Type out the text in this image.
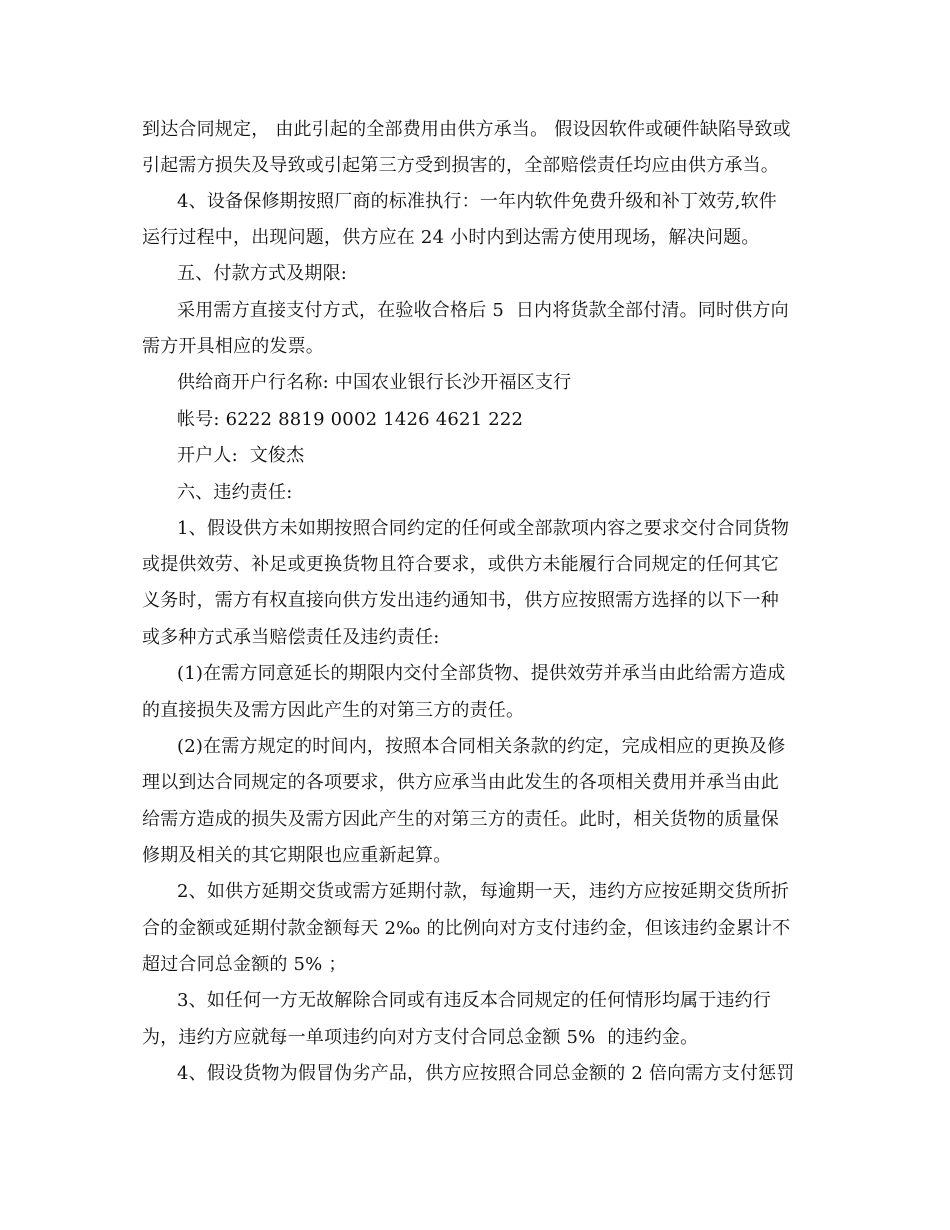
到达合同规定， 由此引起的全部费用由供方承当。 假设因软件或硬件缺陷导致或
引起需方损失及导致或引起第三方受到损害的，全部赔偿责任均应由供方承当。
4、设备保修期按照厂商的标准执行：一年内软件免费升级和补丁效劳,软件
运行过程中，出现问题，供方应在 24 小时内到达需方使用现场，解决问题。
五、付款方式及期限:
采用需方直接支付方式，在验收合格后 5  日内将货款全部付清。同时供方向
需方开具相应的发票。
供给商开户行名称: 中国农业银行长沙开福区支行
帐号: 6222 8819 0002 1426 4621 222
开户人:  文俊杰
六、违约责任:
1、假设供方未如期按照合同约定的任何或全部款项内容之要求交付合同货物
或提供效劳、补足或更换货物且符合要求，或供方未能履行合同规定的任何其它
义务时，需方有权直接向供方发出违约通知书，供方应按照需方选择的以下一种
或多种方式承当赔偿责任及违约责任:
(1)在需方同意延长的期限内交付全部货物、提供效劳并承当由此给需方造成
的直接损失及需方因此产生的对第三方的责任。
(2)在需方规定的时间内，按照本合同相关条款的约定，完成相应的更换及修
理以到达合同规定的各项要求，供方应承当由此发生的各项相关费用并承当由此
给需方造成的损失及需方因此产生的对第三方的责任。此时，相关货物的质量保
修期及相关的其它期限也应重新起算。
2、如供方延期交货或需方延期付款，每逾期一天，违约方应按延期交货所折
合的金额或延期付款金额每天 2‰ 的比例向对方支付违约金，但该违约金累计不
超过合同总金额的 5% ；
3、如任何一方无故解除合同或有违反本合同规定的任何情形均属于违约行
为，违约方应就每一单项违约向对方支付合同总金额 5%  的违约金。
4、假设货物为假冒伪劣产品，供方应按照合同总金额的 2 倍向需方支付惩罚
